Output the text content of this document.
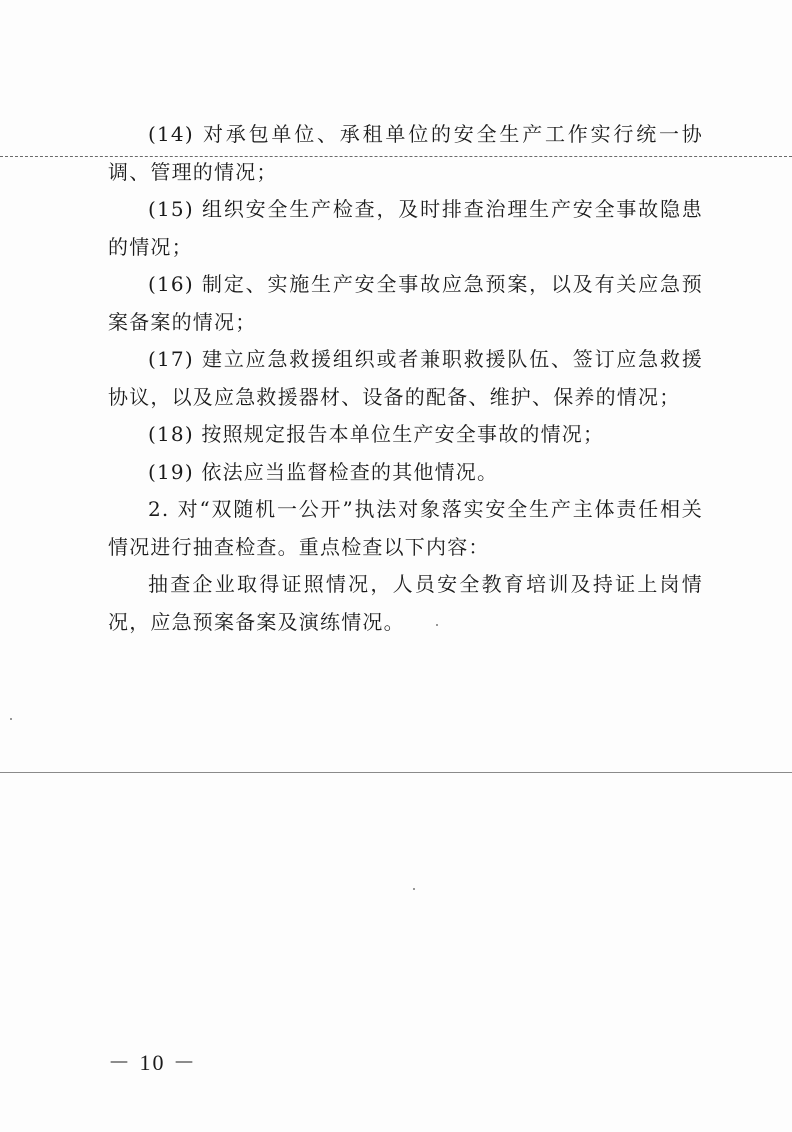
(14) 对承包单位、承租单位的安全生产工作实行统一协调、管理的情况；

(15) 组织安全生产检查，及时排查治理生产安全事故隐患的情况；

(16) 制定、实施生产安全事故应急预案，以及有关应急预案备案的情况；

(17) 建立应急救援组织或者兼职救援队伍、签订应急救援协议，以及应急救援器材、设备的配备、维护、保养的情况；

(18) 按照规定报告本单位生产安全事故的情况；

(19) 依法应当监督检查的其他情况。

2. 对“双随机一公开”执法对象落实安全生产主体责任相关情况进行抽查检查。重点检查以下内容：

抽查企业取得证照情况，人员安全教育培训及持证上岗情况，应急预案备案及演练情况。

－ 10 －
